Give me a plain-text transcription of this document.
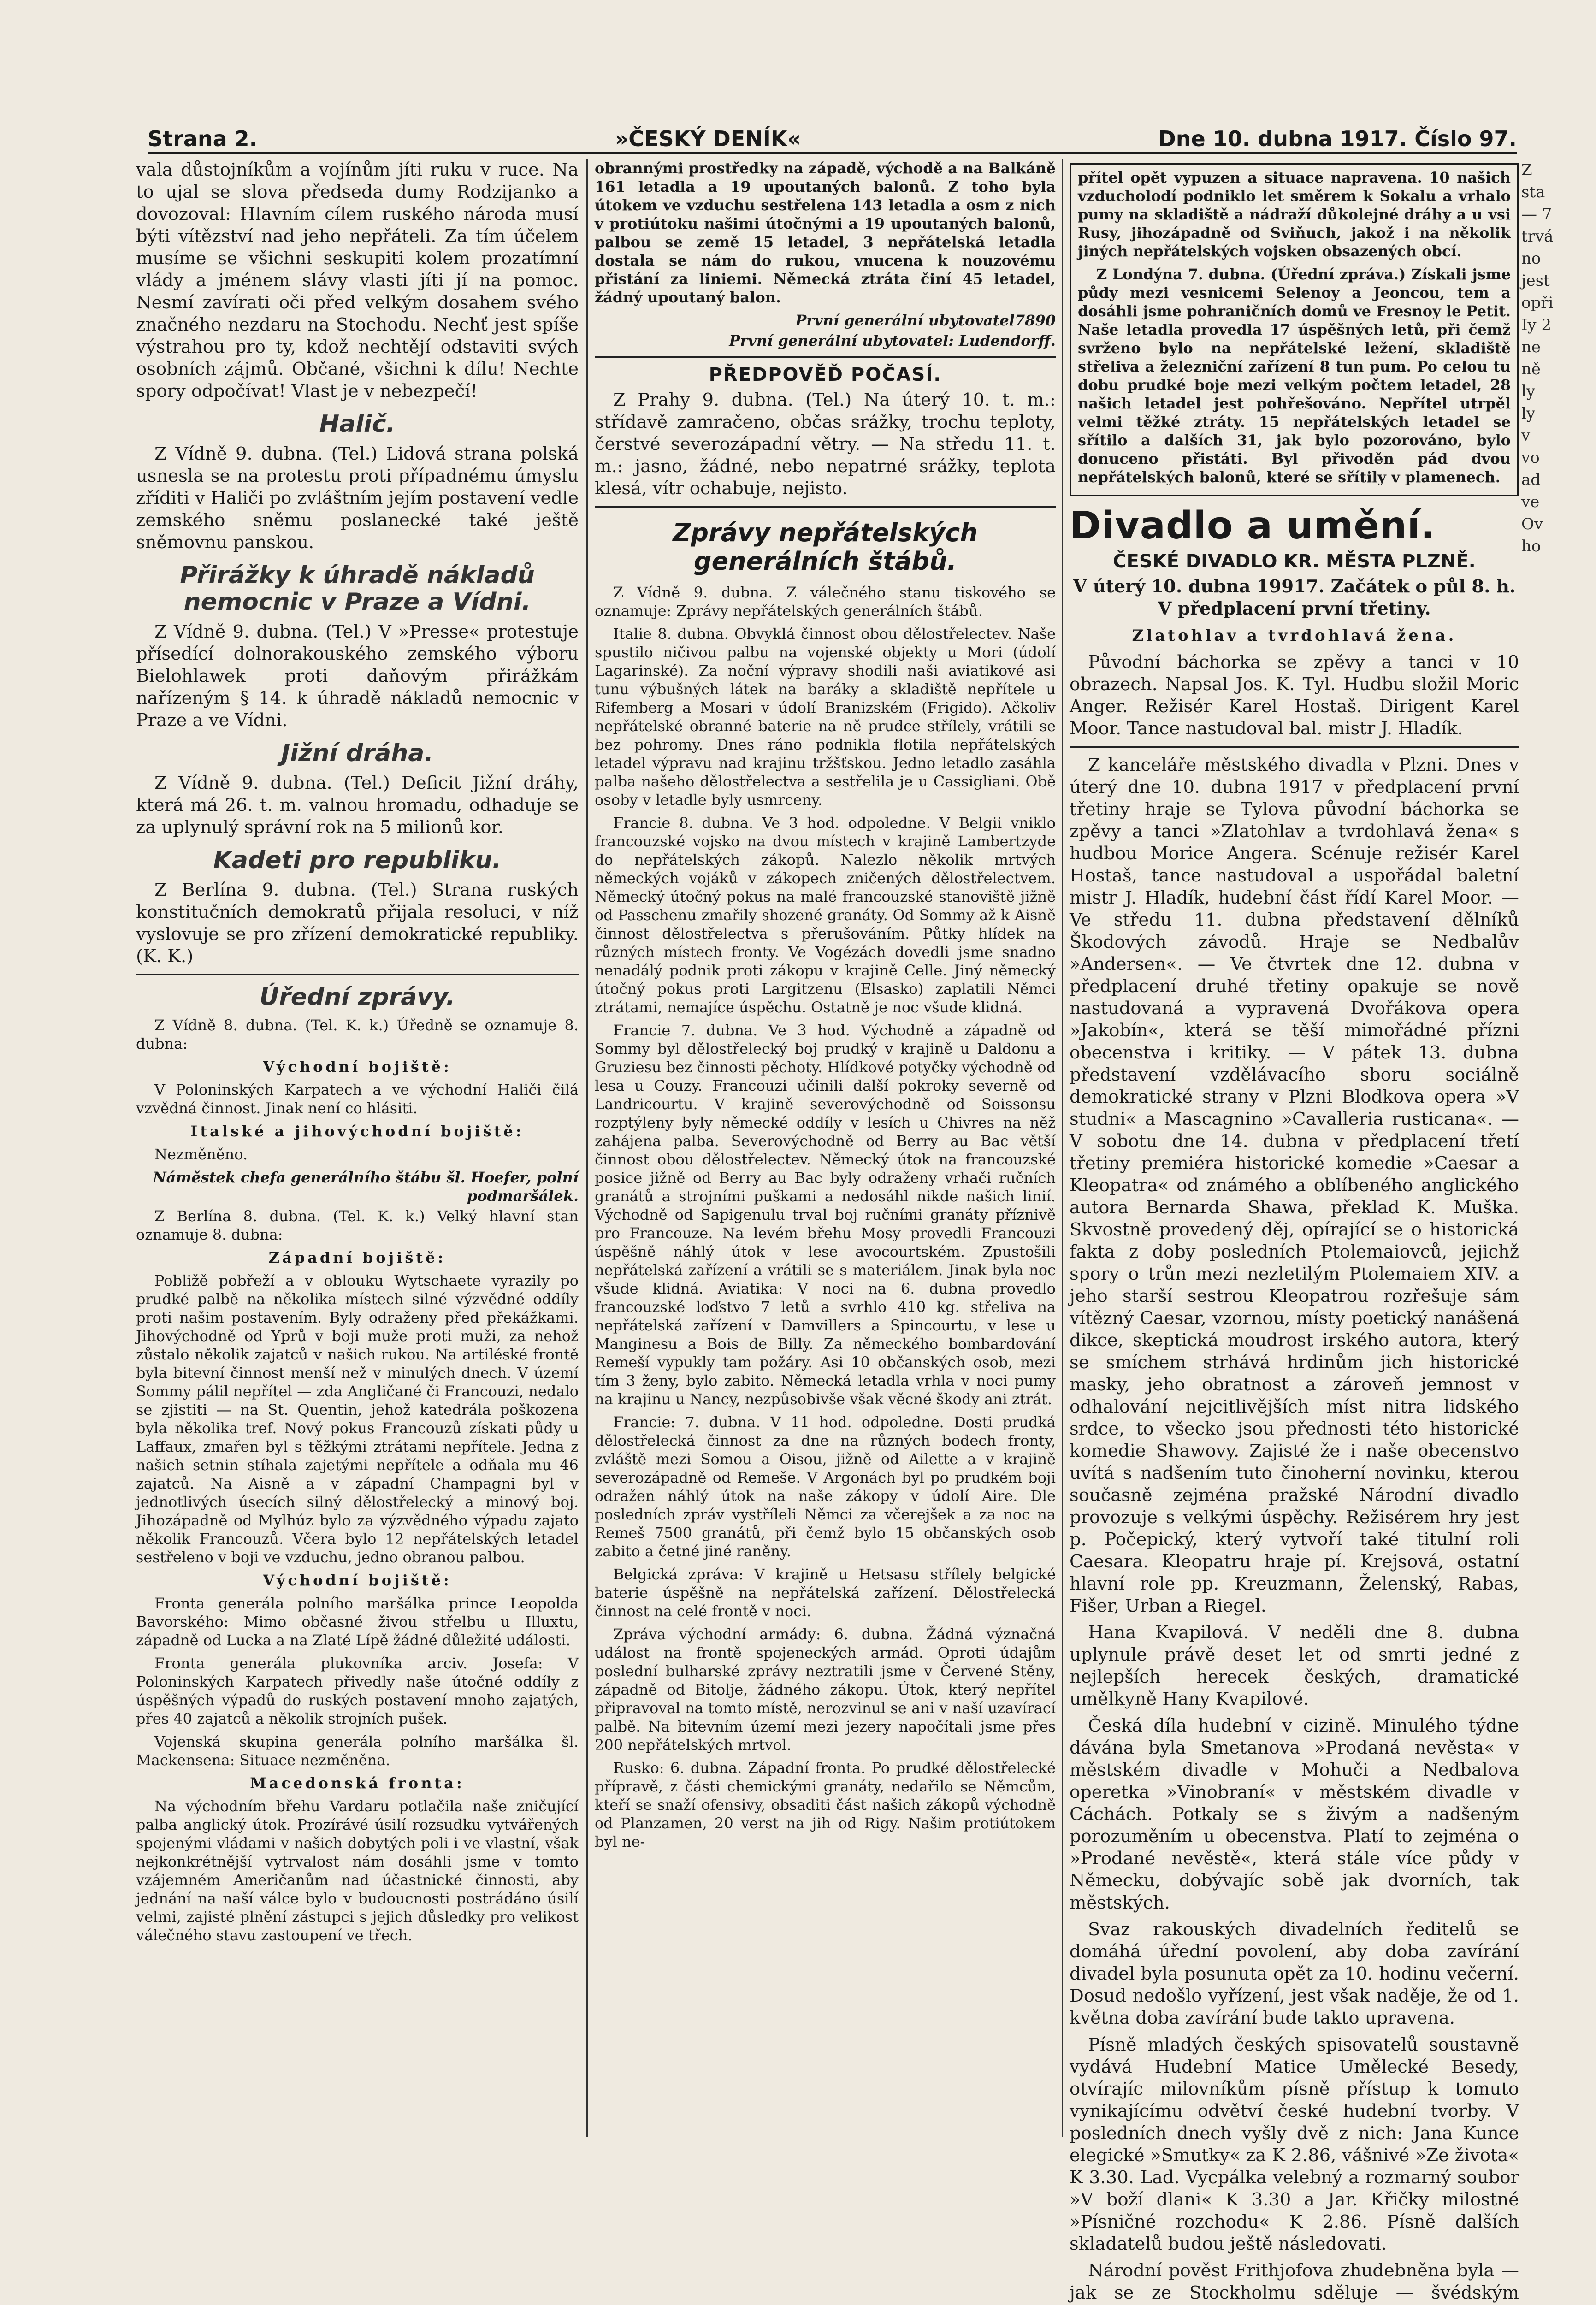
Strana 2.	»ČESKÝ DENÍK«	Dne 10. dubna 1917. Číslo 97.

vala důstojníkům a vojínům jíti ruku v ruce. Na to ujal se slova předseda dumy Rodzijanko a dovozoval: Hlavním cílem ruského národa musí býti vítězství nad jeho nepřáteli. Za tím účelem musíme se všichni seskupiti kolem prozatímní vlády a jménem slávy vlasti jíti jí na pomoc. Nesmí zavírati oči před velkým dosahem svého značného nezdaru na Stochodu. Nechť jest spíše výstrahou pro ty, kdož nechtějí odstaviti svých osobních zájmů. Občané, všichni k dílu! Nechte spory odpočívat! Vlast je v nebezpečí!

Halič.

Z Vídně 9. dubna. (Tel.) Lidová strana polská usnesla se na protestu proti případnému úmyslu zříditi v Haliči po zvláštním jejím postavení vedle zemského sněmu poslanecké také ještě sněmovnu panskou.

Přirážky k úhradě nákladů nemocnic v Praze a Vídni.

Z Vídně 9. dubna. (Tel.) V »Presse« protestuje přísedící dolnorakouského zemského výboru Bielohlawek proti daňovým přirážkám nařízeným § 14. k úhradě nákladů nemocnic v Praze a ve Vídni.

Jižní dráha.

Z Vídně 9. dubna. (Tel.) Deficit Jižní dráhy, která má 26. t. m. valnou hromadu, odhaduje se za uplynulý správní rok na 5 milionů kor.

Kadeti pro republiku.

Z Berlína 9. dubna. (Tel.) Strana ruských konstitučních demokratů přijala resoluci, v níž vyslovuje se pro zřízení demokratické republiky. (K. K.)

Úřední zprávy.

Z Vídně 8. dubna. (Tel. K. k.) Úředně se oznamuje 8. dubna:

Východní bojiště:

V Poloninských Karpatech a ve východní Haliči čilá vzvědná činnost. Jinak není co hlásiti.

Italské a jihovýchodní bojiště:

Nezměněno.

Náměstek chefa generálního štábu šl. Hoefer, polní podmaršálek.

Z Berlína 8. dubna. (Tel. K. k.) Velký hlavní stan oznamuje 8. dubna:

Západní bojiště:

Pobližě pobřeží a v oblouku Wytschaete vyrazily po prudké palbě na několika místech silné výzvědné oddíly proti našim postavením. Byly odraženy před překážkami. Jihovýchodně od Yprů v boji muže proti muži, za nehož zůstalo několik zajatců v našich rukou. Na artiléské frontě byla bitevní činnost menší než v minulých dnech. V území Sommy pálil nepřítel — zda Angličané či Francouzi, nedalo se zjistiti — na St. Quentin, jehož katedrála poškozena byla několika tref. Nový pokus Francouzů získati půdy u Laffaux, zmařen byl s těžkými ztrátami nepřítele. Jedna z našich setnin stíhala zajetými nepřítele a odňala mu 46 zajatců. Na Aisně a v západní Champagni byl v jednotlivých úsecích silný dělostřelecký a minový boj. Jihozápadně od Mylhúz bylo za výzvědného výpadu zajato několik Francouzů. Včera bylo 12 nepřátelských letadel sestřeleno v boji ve vzduchu, jedno obranou palbou.

Východní bojiště:

Fronta generála polního maršálka prince Leopolda Bavorského: Mimo občasné živou střelbu u Illuxtu, západně od Lucka a na Zlaté Lípě žádné důležité události.

Fronta generála plukovníka arciv. Josefa: V Poloninských Karpatech přivedly naše útočné oddíly z úspěšných výpadů do ruských postavení mnoho zajatých, přes 40 zajatců a několik strojních pušek.

Vojenská skupina generála polního maršálka šl. Mackensena: Situace nezměněna.

Macedonská fronta:

Na východním břehu Vardaru potlačila naše zničující palba anglický útok. Prozírávé úsilí rozsudku vytvářených spojenými vládami v našich dobytých poli i ve vlastní, však nejkonkrétnější vytrvalost nám dosáhli jsme v tomto vzájemném Američanům nad účastnické činnosti, aby jednání na naší válce bylo v budoucnosti postrádáno úsilí velmi, zajisté plnění zástupci s jejich důsledky pro velikost válečného stavu zastoupení ve třech.

obrannými prostředky na západě, východě a na Balkáně 161 letadla a 19 upoutaných balonů. Z toho byla útokem ve vzduchu sestřelena 143 letadla a osm z nich v protiútoku našimi útočnými a 19 upoutaných balonů, palbou se země 15 letadel, 3 nepřátelská letadla dostala se nám do rukou, vnucena k nouzovému přistání za liniemi. Německá ztráta činí 45 letadel, žádný upoutaný balon.

První generální ubytovatel7890

První generální ubytovatel: Ludendorff.

PŘEDPOVĚĎ POČASÍ.

Z Prahy 9. dubna. (Tel.) Na úterý 10. t. m.: střídavě zamračeno, občas srážky, trochu teploty, čerstvé severozápadní větry. — Na středu 11. t. m.: jasno, žádné, nebo nepatrné srážky, teplota klesá, vítr ochabuje, nejisto.

Zprávy nepřátelských generálních štábů.

Z Vídně 9. dubna. Z válečného stanu tiskového se oznamuje: Zprávy nepřátelských generálních štábů.

Italie 8. dubna. Obvyklá činnost obou dělostřelectev. Naše spustilo ničivou palbu na vojenské objekty u Mori (údolí Lagarinské). Za noční výpravy shodili naši aviatikové asi tunu výbušných látek na baráky a skladiště nepřítele u Rifemberg a Mosari v údolí Branizském (Frigido). Ačkoliv nepřátelské obranné baterie na ně prudce střílely, vrátili se bez pohromy. Dnes ráno podnikla flotila nepřátelských letadel výpravu nad krajinu tržšťskou. Jedno letadlo zasáhla palba našeho dělostřelectva a sestřelila je u Cassigliani. Obě osoby v letadle byly usmrceny.

Francie 8. dubna. Ve 3 hod. odpoledne. V Belgii vniklo francouzské vojsko na dvou místech v krajině Lambertzyde do nepřátelských zákopů. Nalezlo několik mrtvých německých vojáků v zákopech zničených dělostřelectvem. Německý útočný pokus na malé francouzské stanoviště jižně od Passchenu zmařily shozené granáty. Od Sommy až k Aisně činnost dělostřelectva s přerušováním. Půtky hlídek na různých místech fronty. Ve Vogézách dovedli jsme snadno nenadálý podnik proti zákopu v krajině Celle. Jiný německý útočný pokus proti Largitzenu (Elsasko) zaplatili Němci ztrátami, nemajíce úspěchu. Ostatně je noc všude klidná.

Francie 7. dubna. Ve 3 hod. Východně a západně od Sommy byl dělostřelecký boj prudký v krajině u Daldonu a Gruziesu bez činnosti pěchoty. Hlídkové potyčky východně od lesa u Couzy. Francouzi učinili další pokroky severně od Landricourtu. V krajině severovýchodně od Soissonsu rozptýleny byly německé oddíly v lesích u Chivres na něž zahájena palba. Severovýchodně od Berry au Bac větší činnost obou dělostřelectev. Německý útok na francouzské posice jižně od Berry au Bac byly odraženy vrhači ručních granátů a strojními puškami a nedosáhl nikde našich linií. Východně od Sapigenulu trval boj ručními granáty příznivě pro Francouze. Na levém břehu Mosy provedli Francouzi úspěšně náhlý útok v lese avocourtském. Zpustošili nepřátelská zařízení a vrátili se s materiálem. Jinak byla noc všude klidná. Aviatika: V noci na 6. dubna provedlo francouzské loďstvo 7 letů a svrhlo 410 kg. střeliva na nepřátelská zařízení v Damvillers a Spincourtu, v lese u Manginesu a Bois de Billy. Za německého bombardování Remeší vypukly tam požáry. Asi 10 občanských osob, mezi tím 3 ženy, bylo zabito. Německá letadla vrhla v noci pumy na krajinu u Nancy, nezpůsobivše však věcné škody ani ztrát.

Francie: 7. dubna. V 11 hod. odpoledne. Dosti prudká dělostřelecká činnost za dne na různých bodech fronty, zvláště mezi Somou a Oisou, jižně od Ailette a v krajině severozápadně od Remeše. V Argonách byl po prudkém boji odražen náhlý útok na naše zákopy v údolí Aire. Dle posledních zpráv vystříleli Němci za včerejšek a za noc na Remeš 7500 granátů, při čemž bylo 15 občanských osob zabito a četné jiné raněny.

Belgická zpráva: V krajině u Hetsasu střílely belgické baterie úspěšně na nepřátelská zařízení. Dělostřelecká činnost na celé frontě v noci.

Zpráva východní armády: 6. dubna. Žádná význačná událost na frontě spojeneckých armád. Oproti údajům poslední bulharské zprávy neztratili jsme v Červené Stěny, západně od Bitolje, žádného zákopu. Útok, který nepřítel připravoval na tomto místě, nerozvinul se ani v naší uzavírací palbě. Na bitevním území mezi jezery napočítali jsme přes 200 nepřátelských mrtvol.

Rusko: 6. dubna. Západní fronta. Po prudké dělostřelecké přípravě, z části chemickými granáty, nedařilo se Němcům, kteří se snaží ofensivy, obsaditi část našich zákopů východně od Planzamen, 20 verst na jih od Rigy. Našim protiútokem byl ne-

přítel opět vypuzen a situace napravena. 10 našich vzducholodí podniklo let směrem k Sokalu a vrhalo pumy na skladiště a nádraží důkolejné dráhy a u vsi Rusy, jihozápadně od Sviňuch, jakož i na několik jiných nepřátelských vojsken obsazených obcí.

Z Londýna 7. dubna. (Úřední zpráva.) Získali jsme půdy mezi vesnicemi Selenoy a Jeoncou, tem a dosáhli jsme pohraničních domů ve Fresnoy le Petit. Naše letadla provedla 17 úspěšných letů, při čemž svrženo bylo na nepřátelské ležení, skladiště střeliva a železniční zařízení 8 tun pum. Po celou tu dobu prudké boje mezi velkým počtem letadel, 28 našich letadel jest pohřešováno. Nepřítel utrpěl velmi těžké ztráty. 15 nepřátelských letadel se sřítilo a dalších 31, jak bylo pozorováno, bylo donuceno přistáti. Byl přivoděn pád dvou nepřátelských balonů, které se sřítily v plamenech.

Divadlo a umění.
ČESKÉ DIVADLO KR. MĚSTA PLZNĚ.

V úterý 10. dubna 19917. Začátek o půl 8. h. V předplacení první třetiny.

Zlatohlav a tvrdohlavá žena.

Původní báchorka se zpěvy a tanci v 10 obrazech. Napsal Jos. K. Tyl. Hudbu složil Moric Anger. Režisér Karel Hostaš. Dirigent Karel Moor. Tance nastudoval bal. mistr J. Hladík.

Z kanceláře městského divadla v Plzni. Dnes v úterý dne 10. dubna 1917 v předplacení první třetiny hraje se Tylova původní báchorka se zpěvy a tanci »Zlatohlav a tvrdohlavá žena« s hudbou Morice Angera. Scénuje režisér Karel Hostaš, tance nastudoval a uspořádal baletní mistr J. Hladík, hudební část řídí Karel Moor. — Ve středu 11. dubna představení dělníků Škodových závodů. Hraje se Nedbalův »Andersen«. — Ve čtvrtek dne 12. dubna v předplacení druhé třetiny opakuje se nově nastudovaná a vypravená Dvořákova opera »Jakobín«, která se těší mimořádné přízni obecenstva i kritiky. — V pátek 13. dubna představení vzdělávacího sboru sociálně demokratické strany v Plzni Blodkova opera »V studni« a Mascagnino »Cavalleria rusticana«. — V sobotu dne 14. dubna v předplacení třetí třetiny premiéra historické komedie »Caesar a Kleopatra« od známého a oblíbeného anglického autora Bernarda Shawa, překlad K. Muška. Skvostně provedený děj, opírající se o historická fakta z doby posledních Ptolemaiovců, jejichž spory o trůn mezi nezletilým Ptolemaiem XIV. a jeho starší sestrou Kleopatrou rozřešuje sám vítězný Caesar, vzornou, místy poetický nanášená dikce, skeptická moudrost irského autora, který se smíchem strhává hrdinům jich historické masky, jeho obratnost a zároveň jemnost v odhalování nejcitlivějších míst nitra lidského srdce, to všecko jsou přednosti této historické komedie Shawovy. Zajisté že i naše obecenstvo uvítá s nadšením tuto činoherní novinku, kterou současně zejména pražské Národní divadlo provozuje s velkými úspěchy. Režisérem hry jest p. Počepický, který vytvoří také titulní roli Caesara. Kleopatru hraje pí. Krejsová, ostatní hlavní role pp. Kreuzmann, Želenský, Rabas, Fišer, Urban a Riegel.

Hana Kvapilová. V neděli dne 8. dubna uplynule právě deset let od smrti jedné z nejlepších herecek českých, dramatické umělkyně Hany Kvapilové.

Česká díla hudební v cizině. Minulého týdne dávána byla Smetanova »Prodaná nevěsta« v městském divadle v Mohuči a Nedbalova operetka »Vinobraní« v městském divadle v Cáchách. Potkaly se s živým a nadšeným porozuměním u obecenstva. Platí to zejména o »Prodané nevěstě«, která stále více půdy v Německu, dobývajíc sobě jak dvorních, tak městských.

Svaz rakouských divadelních ředitelů se domáhá úřední povolení, aby doba zavírání divadel byla posunuta opět za 10. hodinu večerní. Dosud nedošlo vyřízení, jest však naděje, že od 1. května doba zavírání bude takto upravena.

Písně mladých českých spisovatelů soustavně vydává Hudební Matice Umělecké Besedy, otvírajíc milovníkům písně přístup k tomuto vynikajícímu odvětví české hudební tvorby. V posledních dnech vyšly dvě z nich: Jana Kunce elegické »Smutky« za K 2.86, vášnivé »Ze života« K 3.30. Lad. Vycpálka velebný a rozmarný soubor »V boží dlani« K 3.30 a Jar. Křičky milostné »Písničné rozchodu« K 2.86. Písně dalších skladatelů budou ještě následovati.

Národní pověst Frithjofova zhudebněna byla — jak se ze Stockholmu sděluje — švédským

Z
sta
— 7
trvá
no
jest
opři
Iy 2
ne
ně
ly
ly
v
vo
ad
ve
Ov
ho
